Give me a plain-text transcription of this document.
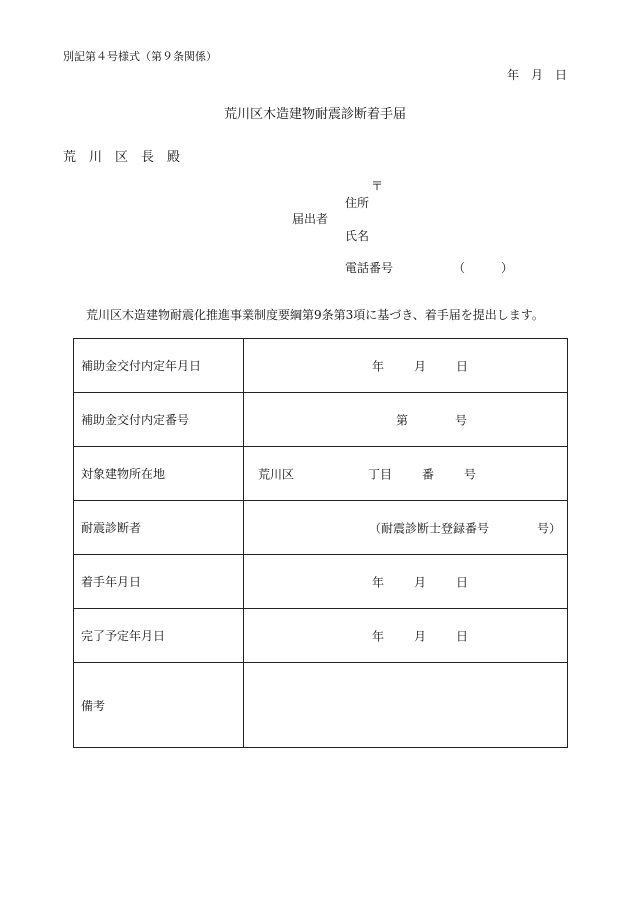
別記第４号様式（第９条関係）
年　月　日
荒川区木造建物耐震診断着手届
荒　川　区　長　殿
〒
住所
届出者
氏名
電話番号	（　　　）
荒川区木造建物耐震化推進事業制度要綱第9条第3項に基づき、着手届を提出します。
補助金交付内定年月日	年 月 日

補助金交付内定番号	第 号

対象建物所在地	荒川区 丁目 番 号

耐震診断者	（耐震診断士登録番号　　　　号）

着手年月日	年 月 日

完了予定年月日	年 月 日

備考	
